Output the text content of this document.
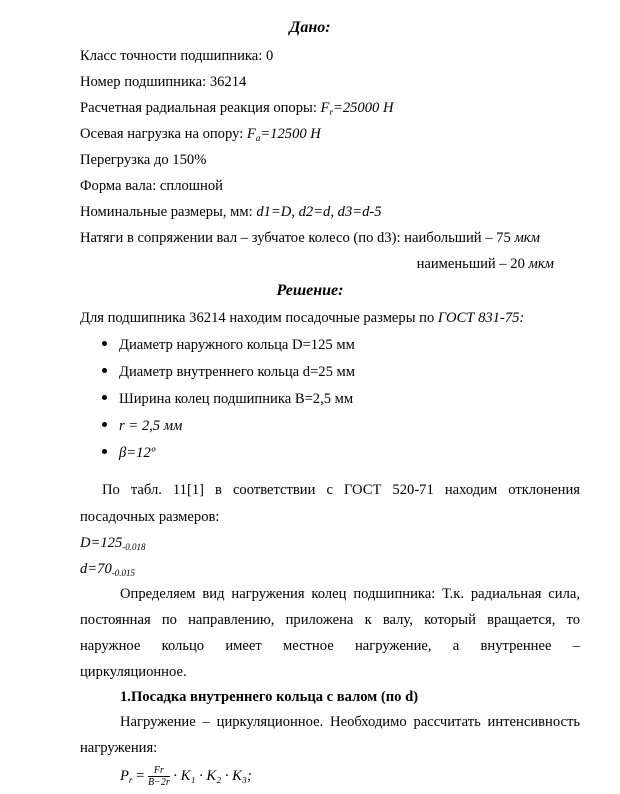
Дано:
Класс точности подшипника: 0
Номер подшипника: 36214
Расчетная радиальная реакция опоры: $F_r=25000$ Н
Осевая нагрузка на опору: $F_a=12500$ Н
Перегрузка до 150%
Форма вала: сплошной
Номинальные размеры, мм: d1=D, d2=d, d3=d-5
Натяги в сопряжении вал – зубчатое колесо (по d3): наибольший – 75 мкм
наименьший – 20 мкм
Решение:
Для подшипника 36214 находим посадочные размеры по ГОСТ 831-75:
Диаметр наружного кольца D=125 мм
Диаметр внутреннего кольца d=25 мм
Ширина колец подшипника B=2,5 мм
r = 2,5 мм
β=12º
По табл. 11[1] в соответствии с ГОСТ 520-71 находим отклонения
посадочных размеров:
$D=125_{-0.018}$
$d=70_{-0.015}$
Определяем вид нагружения колец подшипника: Т.к. радиальная сила,
постоянная по направлению, приложена к валу, который вращается, то
наружное кольцо имеет местное нагружение, а внутреннее –
циркуляционное.
1.Посадка внутреннего кольца с валом (по d)
Нагружение – циркуляционное. Необходимо рассчитать интенсивность
нагружения:
$P_r = \frac{Fr}{B-2r} \cdot K_1 \cdot K_2 \cdot K_3$;
